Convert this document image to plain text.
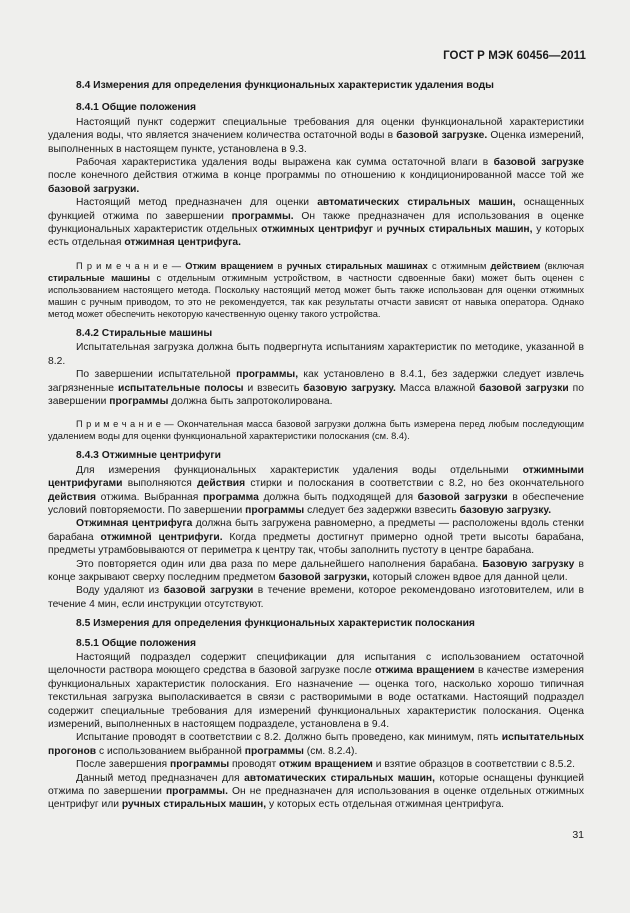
ГОСТ Р МЭК 60456—2011
8.4 Измерения для определения функциональных характеристик удаления воды
8.4.1 Общие положения

Настоящий пункт содержит специальные требования для оценки функциональной характеристики удаления воды, что является значением количества остаточной воды в базовой загрузке. Оценка измерений, выполненных в настоящем пункте, установлена в 9.3.

Рабочая характеристика удаления воды выражена как сумма остаточной влаги в базовой загрузке после конечного действия отжима в конце программы по отношению к кондиционированной массе той же базовой загрузки.

Настоящий метод предназначен для оценки автоматических стиральных машин, оснащенных функцией отжима по завершении программы. Он также предназначен для использования в оценке функциональных характеристик отдельных отжимных центрифуг и ручных стиральных машин, у которых есть отдельная отжимная центрифуга.

П р и м е ч а н и е — Отжим вращением в ручных стиральных машинах с отжимным действием (включая стиральные машины с отдельным отжимным устройством, в частности сдвоенные баки) может быть оценен с использованием настоящего метода. Поскольку настоящий метод может быть также использован для оценки отжимных машин с ручным приводом, то это не рекомендуется, так как результаты отчасти зависят от навыка оператора. Однако метод может обеспечить некоторую качественную оценку такого устройства.

8.4.2 Стиральные машины

Испытательная загрузка должна быть подвергнута испытаниям характеристик по методике, указанной в 8.2.

По завершении испытательной программы, как установлено в 8.4.1, без задержки следует извлечь загрязненные испытательные полосы и взвесить базовую загрузку. Масса влажной базовой загрузки по завершении программы должна быть запротоколирована.

П р и м е ч а н и е — Окончательная масса базовой загрузки должна быть измерена перед любым последующим удалением воды для оценки функциональной характеристики полоскания (см. 8.4).

8.4.3 Отжимные центрифуги

Для измерения функциональных характеристик удаления воды отдельными отжимными центрифугами выполняются действия стирки и полоскания в соответствии с 8.2, но без окончательного действия отжима. Выбранная программа должна быть подходящей для базовой загрузки в обеспечение условий повторяемости. По завершении программы следует без задержки взвесить базовую загрузку.

Отжимная центрифуга должна быть загружена равномерно, а предметы — расположены вдоль стенки барабана отжимной центрифуги. Когда предметы достигнут примерно одной трети высоты барабана, предметы утрамбовываются от периметра к центру так, чтобы заполнить пустоту в центре барабана.

Это повторяется один или два раза по мере дальнейшего наполнения барабана. Базовую загрузку в конце закрывают сверху последним предметом базовой загрузки, который сложен вдвое для данной цели.

Воду удаляют из базовой загрузки в течение времени, которое рекомендовано изготовителем, или в течение 4 мин, если инструкции отсутствуют.

8.5 Измерения для определения функциональных характеристик полоскания
8.5.1 Общие положения

Настоящий подраздел содержит спецификации для испытания с использованием остаточной щелочности раствора моющего средства в базовой загрузке после отжима вращением в качестве измерения функциональных характеристик полоскания. Его назначение — оценка того, насколько хорошо типичная текстильная загрузка выполаскивается в связи с растворимыми в воде остатками. Настоящий подраздел содержит специальные требования для измерений функциональных характеристик полоскания. Оценка измерений, выполненных в настоящем подразделе, установлена в 9.4.

Испытание проводят в соответствии с 8.2. Должно быть проведено, как минимум, пять испытательных прогонов с использованием выбранной программы (см. 8.2.4).

После завершения программы проводят отжим вращением и взятие образцов в соответствии с 8.5.2.

Данный метод предназначен для автоматических стиральных машин, которые оснащены функцией отжима по завершении программы. Он не предназначен для использования в оценке отдельных отжимных центрифуг или ручных стиральных машин, у которых есть отдельная отжимная центрифуга.

31
